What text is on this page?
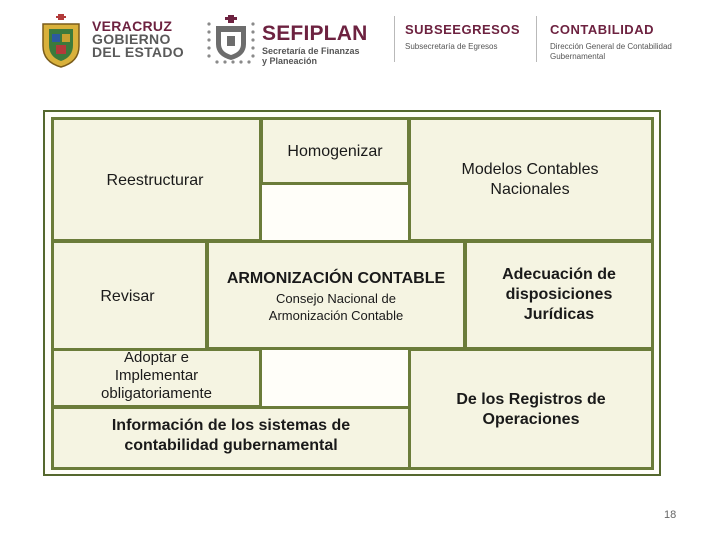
VERACRUZ
GOBIERNO
DEL ESTADO
SEFIPLAN
Secretaría de Finanzas
y Planeación
SUBSEEGRESOS
Subsecretaría de Egresos
CONTABILIDAD
Dirección General de Contabilidad
Gubernamental
Homogenizar
Reestructurar
Modelos Contables
Nacionales
Revisar
ARMONIZACIÓN CONTABLE
Consejo Nacional de
Armonización Contable
Adecuación de
disposiciones
Jurídicas
Adoptar e
Implementar
obligatoriamente
Información de los sistemas de
contabilidad gubernamental
De los Registros de
Operaciones
18
